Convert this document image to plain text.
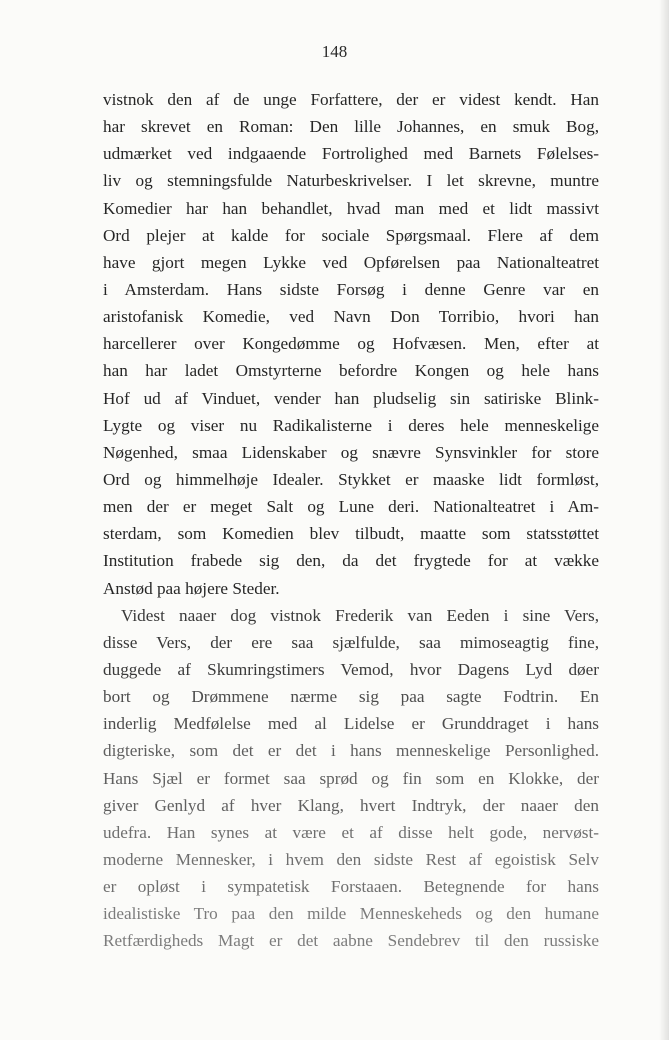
148
vistnok den af de unge Forfattere, der er videst kendt. Han
har skrevet en Roman: Den lille Johannes, en smuk Bog,
udmærket ved indgaaende Fortrolighed med Barnets Følelses-
liv og stemningsfulde Naturbeskrivelser. I let skrevne, muntre
Komedier har han behandlet, hvad man med et lidt massivt
Ord plejer at kalde for sociale Spørgsmaal. Flere af dem
have gjort megen Lykke ved Opførelsen paa Nationalteatret
i Amsterdam. Hans sidste Forsøg i denne Genre var en
aristofanisk Komedie, ved Navn Don Torribio, hvori han
harcellerer over Kongedømme og Hofvæsen. Men, efter at
han har ladet Omstyrterne befordre Kongen og hele hans
Hof ud af Vinduet, vender han pludselig sin satiriske Blink-
Lygte og viser nu Radikalisterne i deres hele menneskelige
Nøgenhed, smaa Lidenskaber og snævre Synsvinkler for store
Ord og himmelhøje Idealer. Stykket er maaske lidt formløst,
men der er meget Salt og Lune deri. Nationalteatret i Am-
sterdam, som Komedien blev tilbudt, maatte som statsstøttet
Institution frabede sig den, da det frygtede for at vække
Anstød paa højere Steder.
Videst naaer dog vistnok Frederik van Eeden i sine Vers,
disse Vers, der ere saa sjælfulde, saa mimoseagtig fine,
duggede af Skumringstimers Vemod, hvor Dagens Lyd døer
bort og Drømmene nærme sig paa sagte Fodtrin. En
inderlig Medfølelse med al Lidelse er Grunddraget i hans
digteriske, som det er det i hans menneskelige Personlighed.
Hans Sjæl er formet saa sprød og fin som en Klokke, der
giver Genlyd af hver Klang, hvert Indtryk, der naaer den
udefra. Han synes at være et af disse helt gode, nervøst-
moderne Mennesker, i hvem den sidste Rest af egoistisk Selv
er opløst i sympatetisk Forstaaen. Betegnende for hans
idealistiske Tro paa den milde Menneskeheds og den humane
Retfærdigheds Magt er det aabne Sendebrev til den russiske
